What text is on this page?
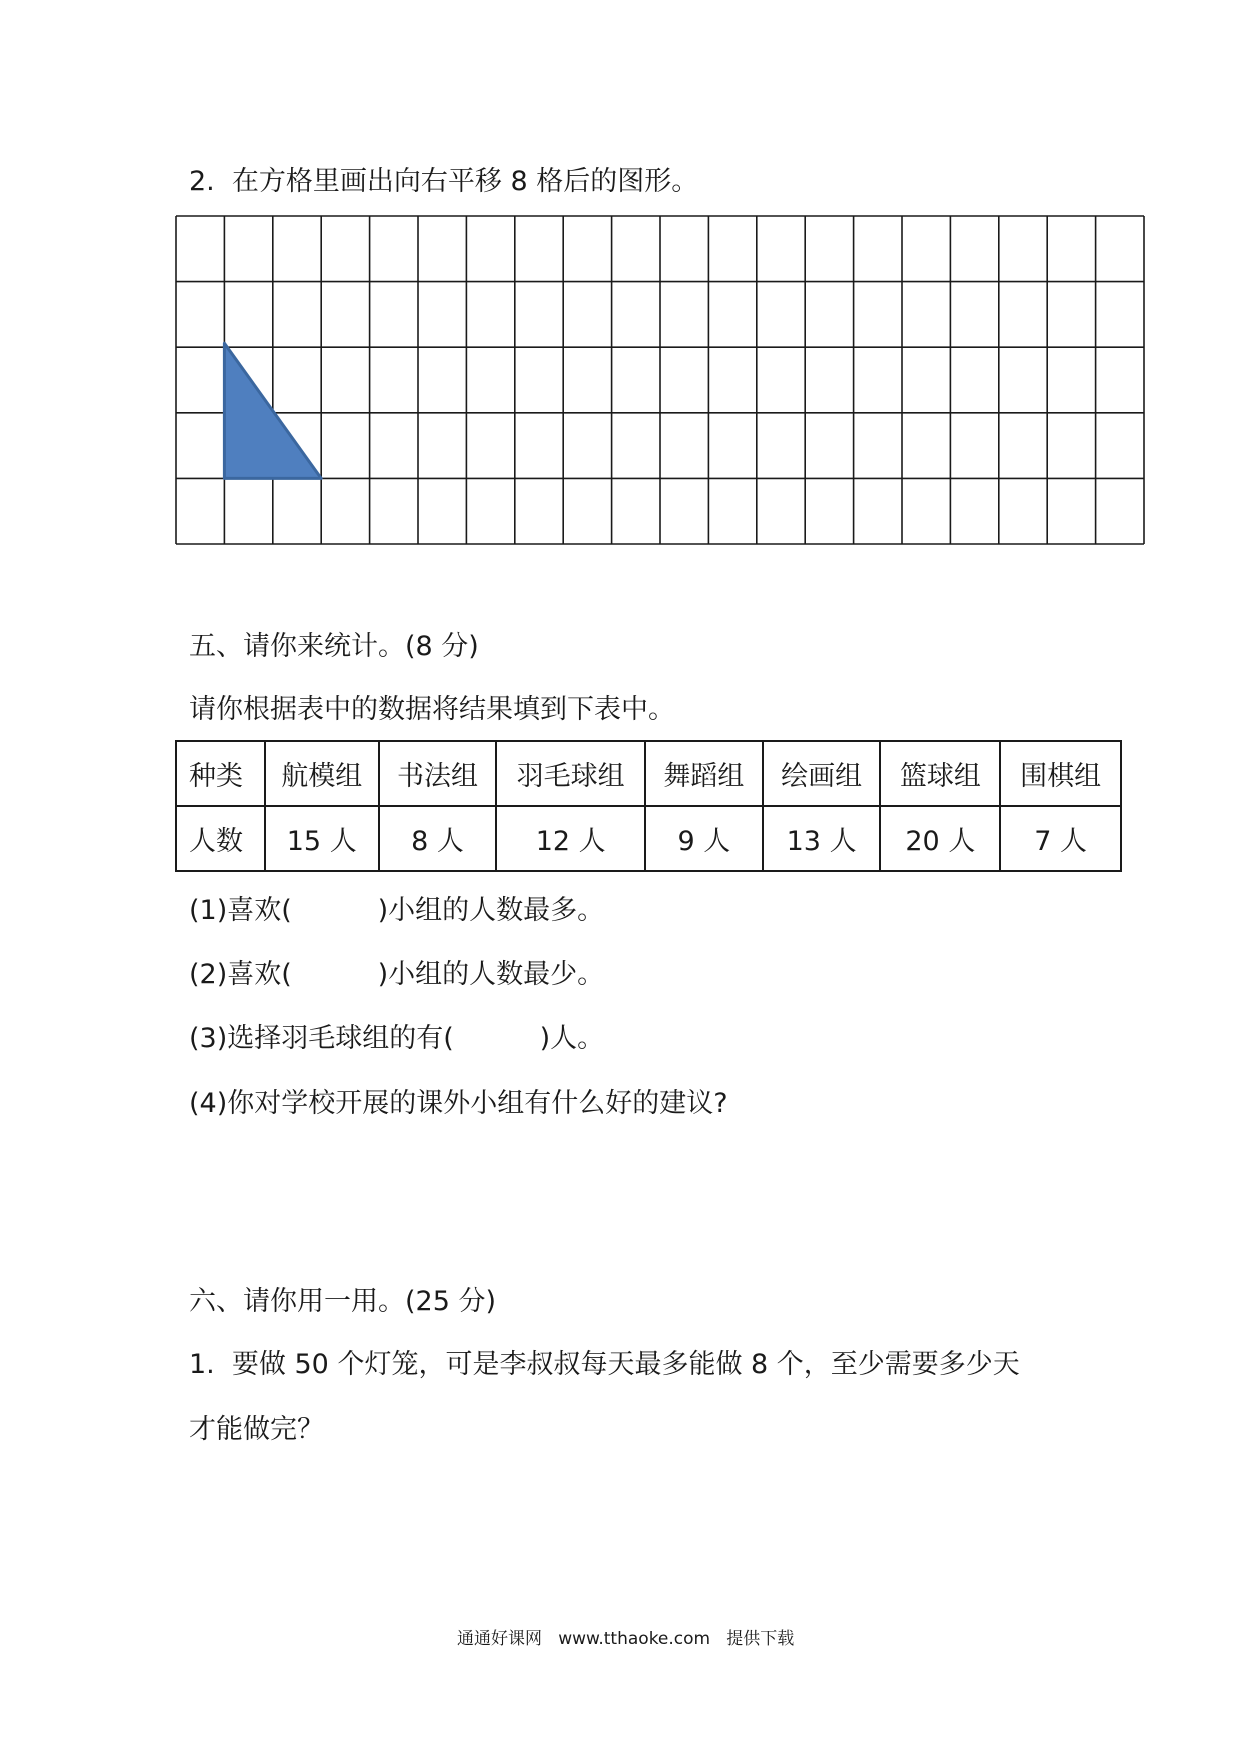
2.  在方格里画出向右平移 8 格后的图形。
五、请你来统计。(8 分)
请你根据表中的数据将结果填到下表中。
种类	航模组	书法组	羽毛球组	舞蹈组	绘画组	篮球组	围棋组
人数	15 人	8 人	12 人	9 人	13 人	20 人	7 人
(1)喜欢(          )小组的人数最多。
(2)喜欢(          )小组的人数最少。
(3)选择羽毛球组的有(          )人。
(4)你对学校开展的课外小组有什么好的建议?
六、请你用一用。(25 分)
1.  要做 50 个灯笼，可是李叔叔每天最多能做 8 个，至少需要多少天
才能做完？
通通好课网   www.tthaoke.com   提供下载
